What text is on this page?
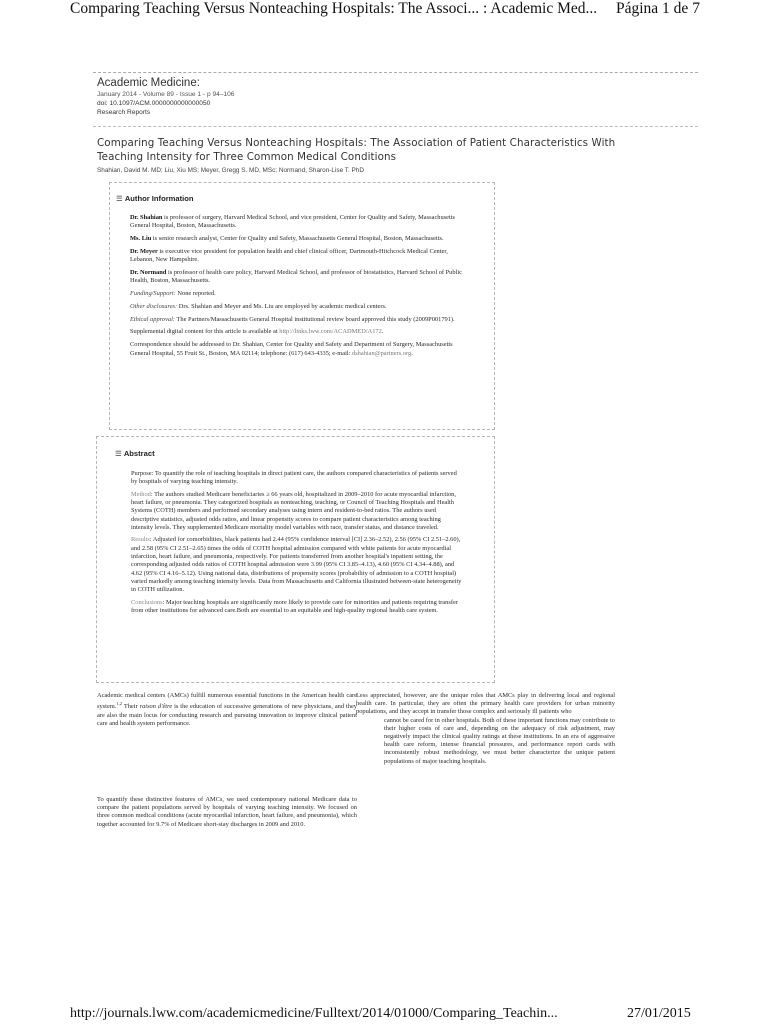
Comparing Teaching Versus Nonteaching Hospitals: The Associ... : Academic Med... Página 1 de 7
Academic Medicine:
January 2014 - Volume 89 - Issue 1 - p 94–106
doi: 10.1097/ACM.0000000000000050
Research Reports
Comparing Teaching Versus Nonteaching Hospitals: The Association of Patient Characteristics With
Teaching Intensity for Three Common Medical Conditions
Shahian, David M. MD; Liu, Xiu MS; Meyer, Gregg S. MD, MSc; Normand, Sharon-Lise T. PhD
☰ Author Information

Dr. Shahian is professor of surgery, Harvard Medical School, and vice president, Center for Quality and Safety, Massachusetts General Hospital, Boston, Massachusetts.

Ms. Liu is senior research analyst, Center for Quality and Safety, Massachusetts General Hospital, Boston, Massachusetts.

Dr. Meyer is executive vice president for population health and chief clinical officer, Dartmouth-Hitchcock Medical Center, Lebanon, New Hampshire.

Dr. Normand is professor of health care policy, Harvard Medical School, and professor of biostatistics, Harvard School of Public Health, Boston, Massachusetts.

Funding/Support: None reported.

Other disclosures: Drs. Shahian and Meyer and Ms. Liu are employed by academic medical centers.

Ethical approval: The Partners/Massachusetts General Hospital institutional review board approved this study (2009P001791).

Supplemental digital content for this article is available at http://links.lww.com/ACADMED/A172.

Correspondence should be addressed to Dr. Shahian, Center for Quality and Safety and Department of Surgery, Massachusetts General Hospital, 55 Fruit St., Boston, MA 02114; telephone: (617) 643-4335; e-mail: dshahian@partners.org.

☰ Abstract

Purpose: To quantify the role of teaching hospitals in direct patient care, the authors compared characteristics of patients served by hospitals of varying teaching intensity.

Method: The authors studied Medicare beneficiaries ≥ 66 years old, hospitalized in 2009–2010 for acute myocardial infarction, heart failure, or pneumonia. They categorized hospitals as nonteaching, teaching, or Council of Teaching Hospitals and Health Systems (COTH) members and performed secondary analyses using intern and resident-to-bed ratios. The authors used descriptive statistics, adjusted odds ratios, and linear propensity scores to compare patient characteristics among teaching intensity levels. They supplemented Medicare mortality model variables with race, transfer status, and distance traveled.

Results: Adjusted for comorbidities, black patients had 2.44 (95% confidence interval [CI] 2.36–2.52), 2.56 (95% CI 2.51–2.60), and 2.58 (95% CI 2.51–2.65) times the odds of COTH hospital admission compared with white patients for acute myocardial infarction, heart failure, and pneumonia, respectively. For patients transferred from another hospital's inpatient setting, the corresponding adjusted odds ratios of COTH hospital admission were 3.99 (95% CI 3.85–4.13), 4.60 (95% CI 4.34–4.88), and 4.62 (95% CI 4.16–5.12). Using national data, distributions of propensity scores (probability of admission to a COTH hospital) varied markedly among teaching intensity levels. Data from Massachusetts and California illustrated between-state heterogeneity in COTH utilization.

Conclusions: Major teaching hospitals are significantly more likely to provide care for minorities and patients requiring transfer from other institutions for advanced care.Both are essential to an equitable and high-quality regional health care system.

Academic medical centers (AMCs) fulfill numerous essential functions in the American health care system.$^{1,2}$ Their raison d'être is the education of successive generations of new physicians, and they are also the main locus for conducting research and pursuing innovation to improve clinical patient care and health system performance.

To quantify these distinctive features of AMCs, we used contemporary national Medicare data to compare the patient populations served by hospitals of varying teaching intensity. We focused on three common medical conditions (acute myocardial infarction, heart failure, and pneumonia), which together accounted for 9.7% of Medicare short-stay discharges in 2009 and 2010.

Less appreciated, however, are the unique roles that AMCs play in delivering local and regional health care. In particular, they are often the primary health care providers for urban minority populations, and they accept in transfer those complex and seriously ill patients who

cannot be cared for in other hospitals. Both of these important functions may contribute to their higher costs of care and, depending on the adequacy of risk adjustment, may negatively impact the clinical quality ratings at these institutions. In an era of aggressive health care reform, intense financial pressures, and performance report cards with inconsistently robust methodology, we must better characterize the unique patient populations of major teaching hospitals.

http://journals.lww.com/academicmedicine/Fulltext/2014/01000/Comparing_Teachin...	27/01/2015
